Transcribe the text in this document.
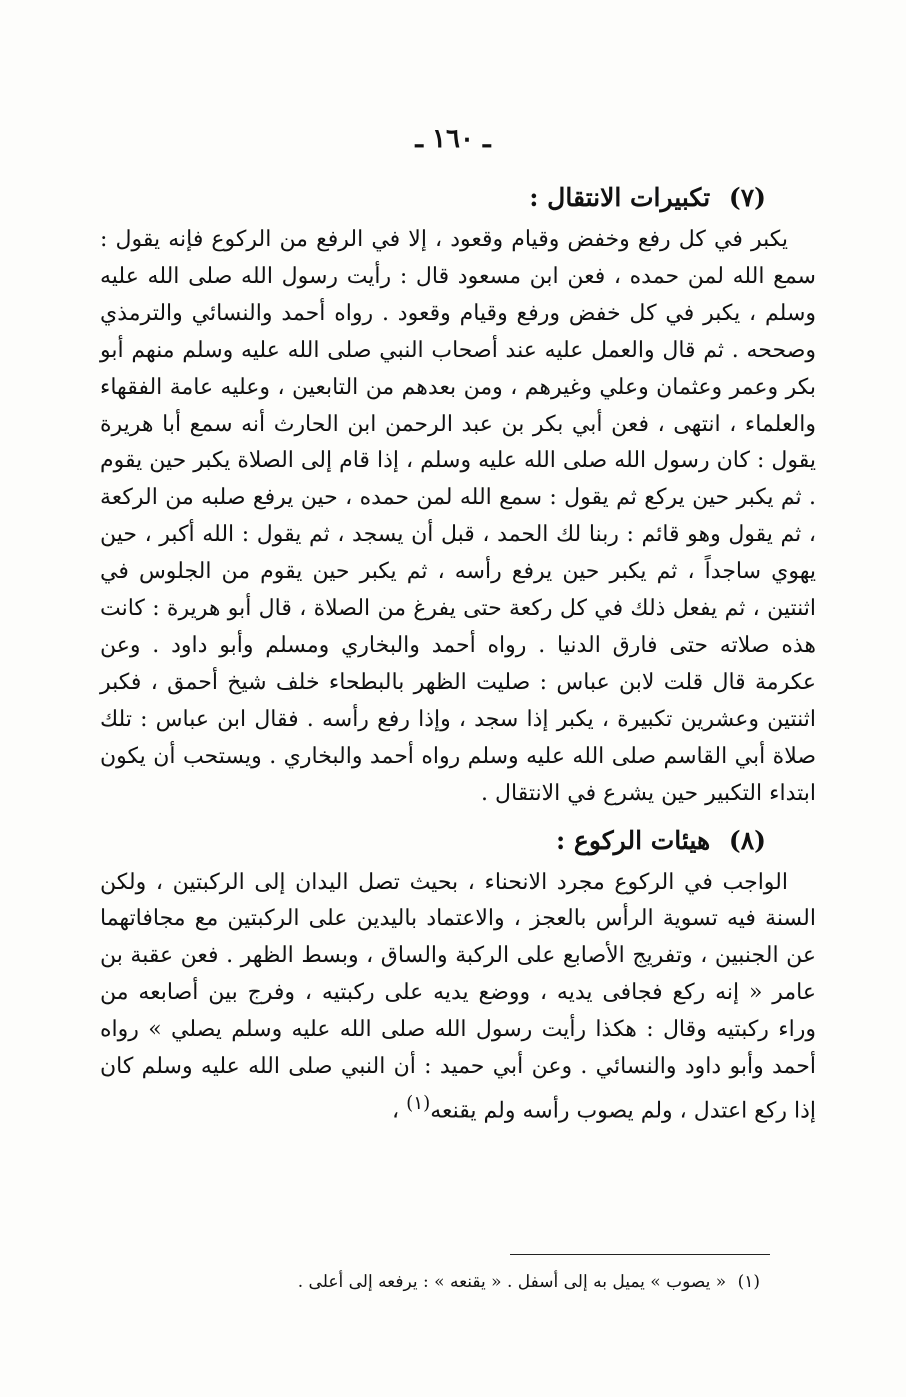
ـ ١٦٠ ـ
(٧) تكبيرات الانتقال :

يكبر في كل رفع وخفض وقيام وقعود ، إلا في الرفع من الركوع فإنه يقول : سمع الله لمن حمده ، فعن ابن مسعود قال : رأيت رسول الله صلى الله عليه وسلم ، يكبر في كل خفض ورفع وقيام وقعود . رواه أحمد والنسائي والترمذي وصححه . ثم قال والعمل عليه عند أصحاب النبي صلى الله عليه وسلم منهم أبو بكر وعمر وعثمان وعلي وغيرهم ، ومن بعدهم من التابعين ، وعليه عامة الفقهاء والعلماء ، انتهى ، فعن أبي بكر بن عبد الرحمن ابن الحارث أنه سمع أبا هريرة يقول : كان رسول الله صلى الله عليه وسلم ، إذا قام إلى الصلاة يكبر حين يقوم . ثم يكبر حين يركع ثم يقول : سمع الله لمن حمده ، حين يرفع صلبه من الركعة ، ثم يقول وهو قائم : ربنا لك الحمد ، قبل أن يسجد ، ثم يقول : الله أكبر ، حين يهوي ساجداً ، ثم يكبر حين يرفع رأسه ، ثم يكبر حين يقوم من الجلوس في اثنتين ، ثم يفعل ذلك في كل ركعة حتى يفرغ من الصلاة ، قال أبو هريرة : كانت هذه صلاته حتى فارق الدنيا . رواه أحمد والبخاري ومسلم وأبو داود . وعن عكرمة قال قلت لابن عباس : صليت الظهر بالبطحاء خلف شيخ أحمق ، فكبر اثنتين وعشرين تكبيرة ، يكبر إذا سجد ، وإذا رفع رأسه . فقال ابن عباس : تلك صلاة أبي القاسم صلى الله عليه وسلم رواه أحمد والبخاري . ويستحب أن يكون ابتداء التكبير حين يشرع في الانتقال .

(٨) هيئات الركوع :

الواجب في الركوع مجرد الانحناء ، بحيث تصل اليدان إلى الركبتين ، ولكن السنة فيه تسوية الرأس بالعجز ، والاعتماد باليدين على الركبتين مع مجافاتهما عن الجنبين ، وتفريج الأصابع على الركبة والساق ، وبسط الظهر . فعن عقبة بن عامر « إنه ركع فجافى يديه ، ووضع يديه على ركبتيه ، وفرج بين أصابعه من وراء ركبتيه وقال : هكذا رأيت رسول الله صلى الله عليه وسلم يصلي » رواه أحمد وأبو داود والنسائي . وعن أبي حميد : أن النبي صلى الله عليه وسلم كان إذا ركع اعتدل ، ولم يصوب رأسه ولم يقنعه$^{(١)}$ ،

(١) « يصوب » يميل به إلى أسفل . « يقنعه » : يرفعه إلى أعلى .
